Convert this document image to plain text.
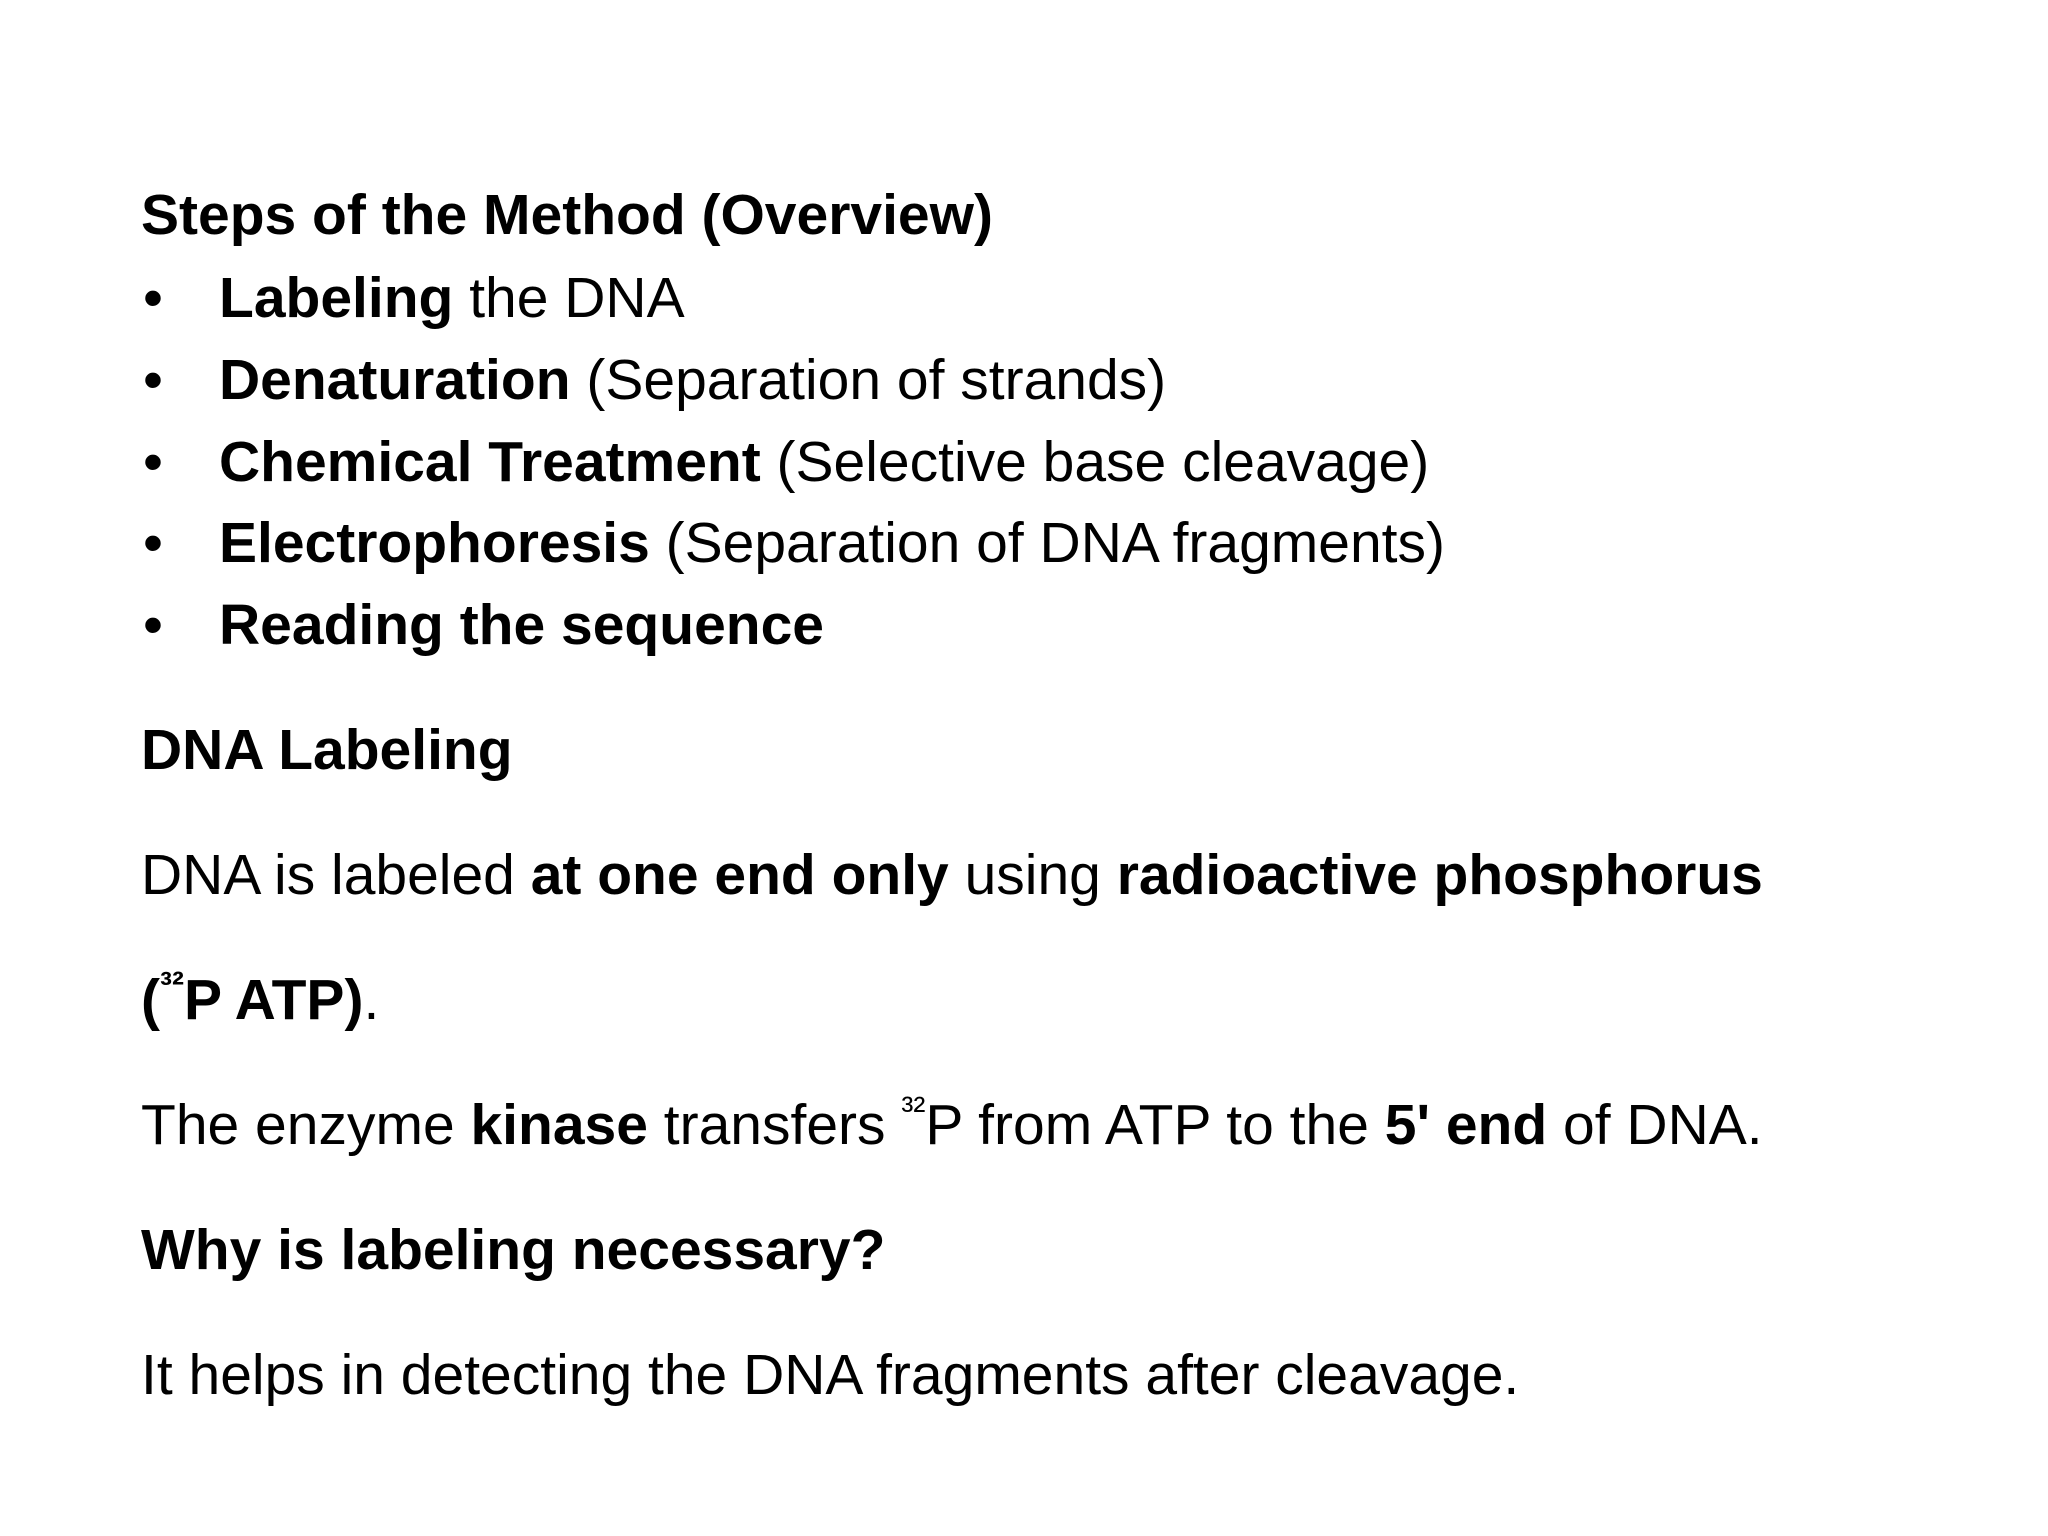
Steps of the Method (Overview)
• Labeling the DNA
• Denaturation (Separation of strands)
• Chemical Treatment (Selective base cleavage)
• Electrophoresis (Separation of DNA fragments)
• Reading the sequence
DNA Labeling
DNA is labeled at one end only using radioactive phosphorus
($^{^{32}}$P ATP).
The enzyme kinase transfers $^{^{32}}$P from ATP to the 5' end of DNA.
Why is labeling necessary?
It helps in detecting the DNA fragments after cleavage.
